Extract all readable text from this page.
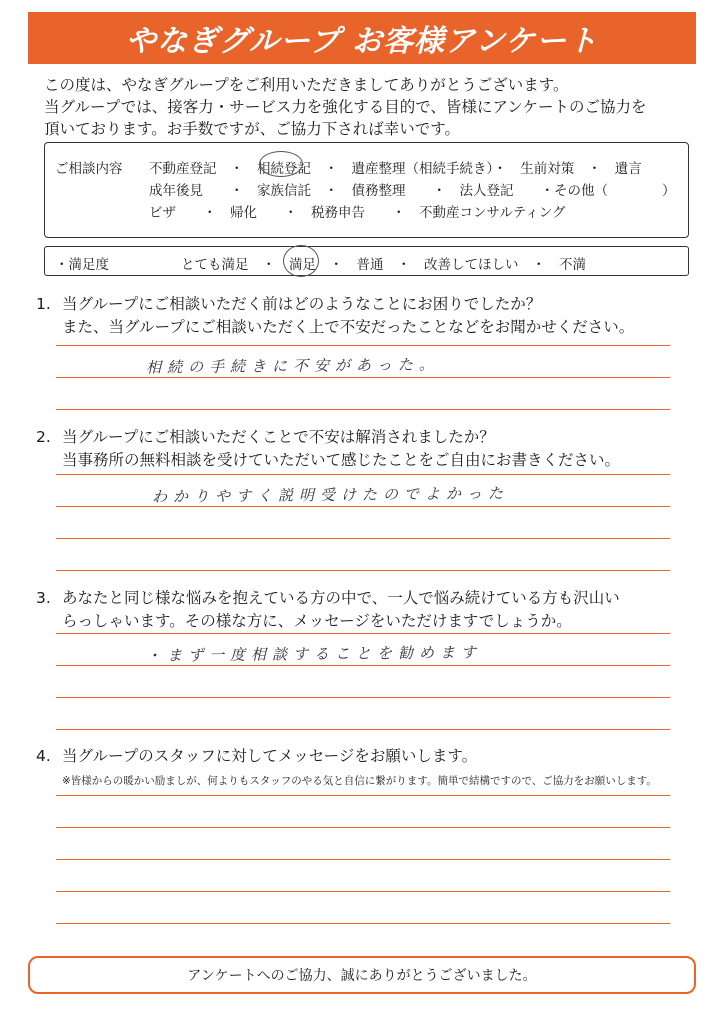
やなぎグループ お客様アンケート
この度は、やなぎグループをご利用いただきましてありがとうございます。
当グループでは、接客力・サービス力を強化する目的で、皆様にアンケートのご協力を
頂いております。お手数ですが、ご協力下されば幸いです。
ご相談内容 不動産登記　・　相続登記　・　遺産整理（相続手続き）・　生前対策　・　遺言
成年後見　　・　家族信託　・　債務整理　　・　法人登記　　・その他（　　　　）
ビザ　　・　帰化　　・　税務申告　　・　不動産コンサルティング
・満足度	とても満足　・　満足　・　普通　・　改善してほしい　・　不満
1. 当グループにご相談いただく前はどのようなことにお困りでしたか？
また、当グループにご相談いただく上で不安だったことなどをお聞かせください。
相続の手続きに不安があった。
2. 当グループにご相談いただくことで不安は解消されましたか？
当事務所の無料相談を受けていただいて感じたことをご自由にお書きください。
わかりやすく説明受けたのでよかった
3. あなたと同じ様な悩みを抱えている方の中で、一人で悩み続けている方も沢山い
らっしゃいます。その様な方に、メッセージをいただけますでしょうか。
・まず一度相談することを勧めます
4. 当グループのスタッフに対してメッセージをお願いします。
※皆様からの暖かい励ましが、何よりもスタッフのやる気と自信に繋がります。簡単で結構ですので、ご協力をお願いします。
アンケートへのご協力、誠にありがとうございました。
